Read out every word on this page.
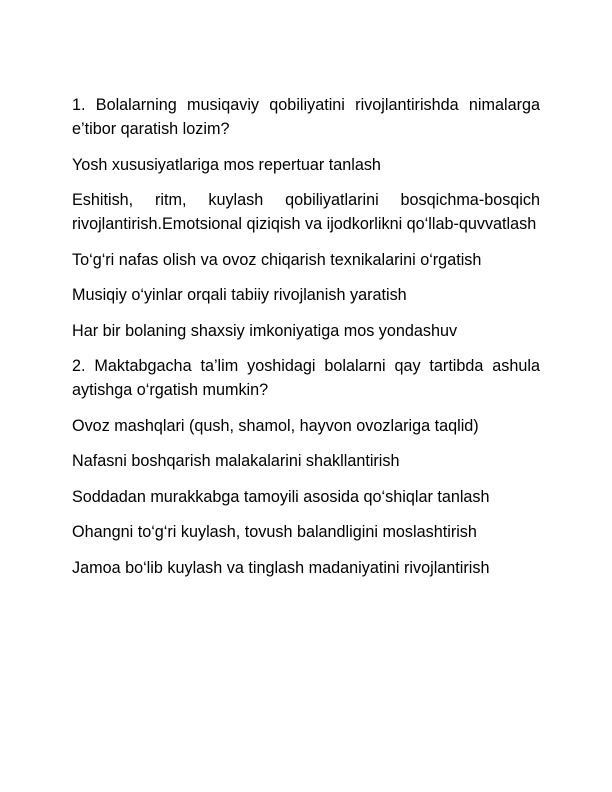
1. Bolalarning musiqaviy qobiliyatini rivojlantirishda nimalarga e’tibor qaratish lozim?

Yosh xususiyatlariga mos repertuar tanlash

Eshitish, ritm, kuylash qobiliyatlarini bosqichma-bosqich rivojlantirish.Emotsional qiziqish va ijodkorlikni qo‘llab-quvvatlash

To‘g‘ri nafas olish va ovoz chiqarish texnikalarini o‘rgatish

Musiqiy o‘yinlar orqali tabiiy rivojlanish yaratish

Har bir bolaning shaxsiy imkoniyatiga mos yondashuv

2. Maktabgacha ta’lim yoshidagi bolalarni qay tartibda ashula aytishga o‘rgatish mumkin?

Ovoz mashqlari (qush, shamol, hayvon ovozlariga taqlid)

Nafasni boshqarish malakalarini shakllantirish

Soddadan murakkabga tamoyili asosida qo‘shiqlar tanlash

Ohangni to‘g‘ri kuylash, tovush balandligini moslashtirish

Jamoa bo‘lib kuylash va tinglash madaniyatini rivojlantirish
